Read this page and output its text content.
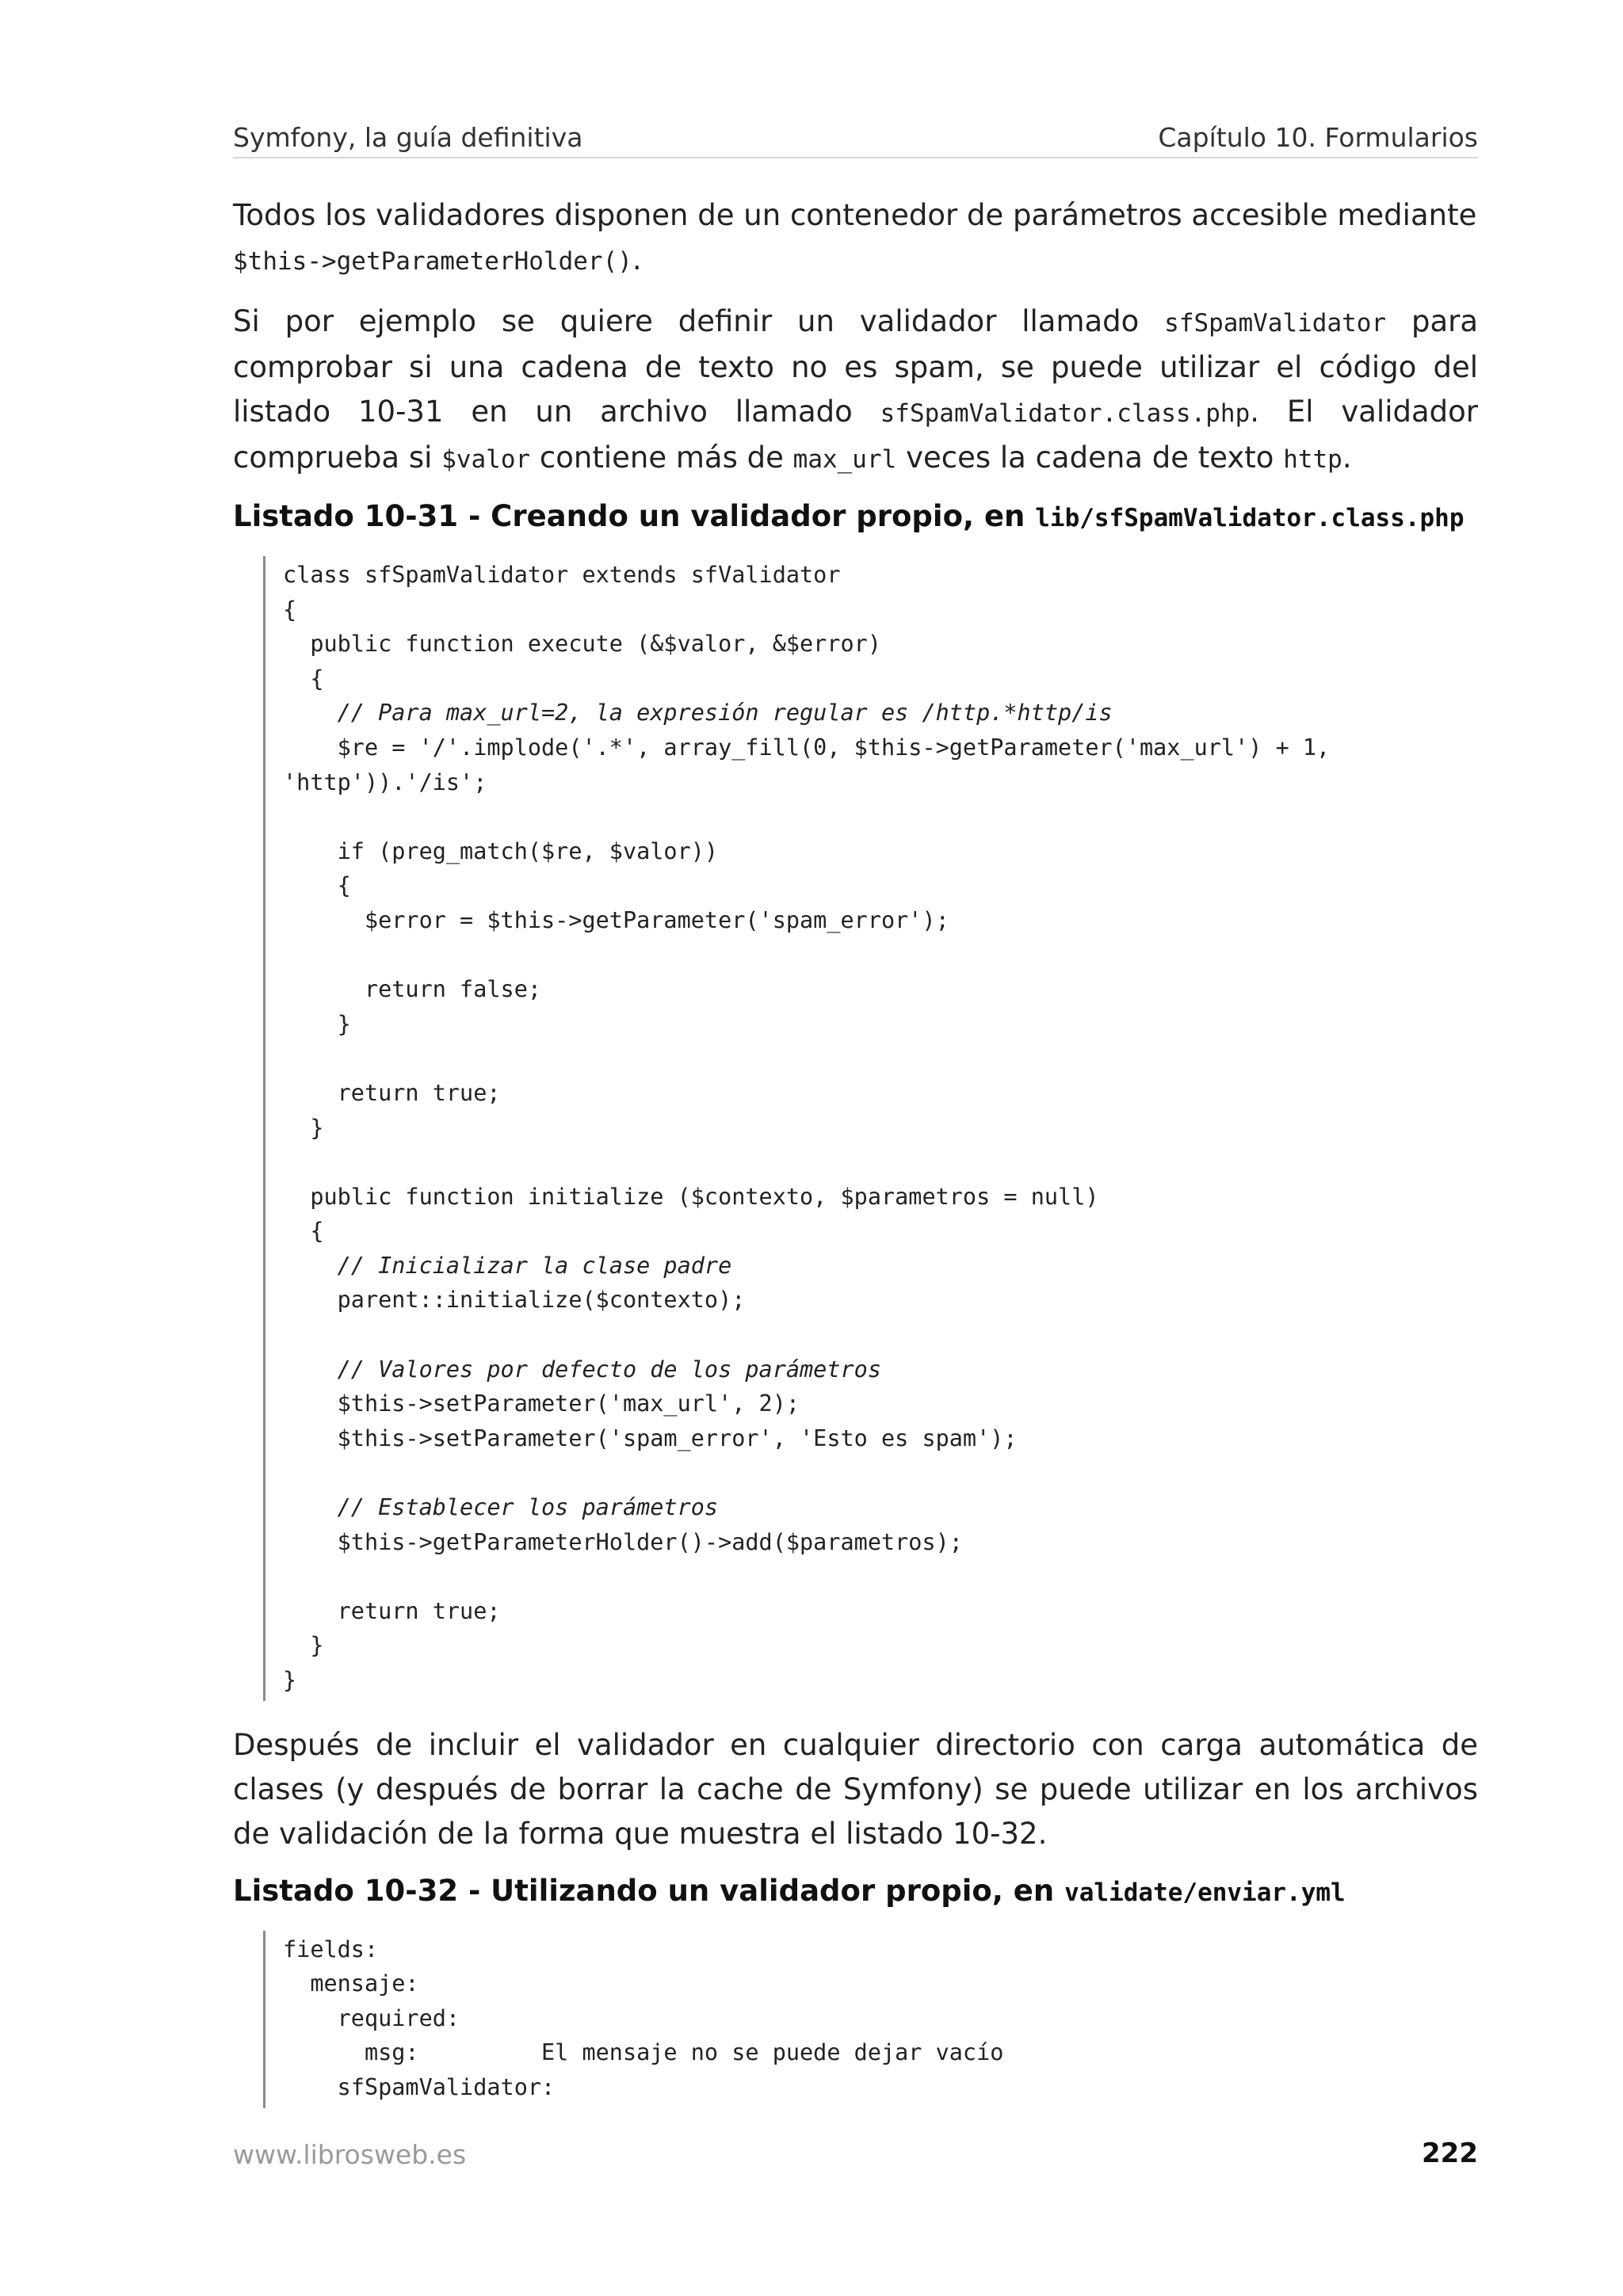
Symfony, la guía definitiva	Capítulo 10. Formularios

Todos los validadores disponen de un contenedor de parámetros accesible mediante
$this->getParameterHolder().

Si por ejemplo se quiere definir un validador llamado sfSpamValidator para comprobar si una cadena de texto no es spam, se puede utilizar el código del listado 10-31 en un archivo llamado sfSpamValidator.class.php. El validador comprueba si $valor contiene más de max_url veces la cadena de texto http.

Listado 10-31 - Creando un validador propio, en lib/sfSpamValidator.class.php
class sfSpamValidator extends sfValidator
{
public function execute (&$valor, &$error)
{
// Para max_url=2, la expresión regular es /http.*http/is
$re = '/'.implode('.*', array_fill(0, $this->getParameter('max_url') + 1,
'http')).'/is';
if (preg_match($re, $valor))
{
$error = $this->getParameter('spam_error');
return false;
}
return true;
}
public function initialize ($contexto, $parametros = null)
{
// Inicializar la clase padre
parent::initialize($contexto);
// Valores por defecto de los parámetros
$this->setParameter('max_url', 2);
$this->setParameter('spam_error', 'Esto es spam');
// Establecer los parámetros
$this->getParameterHolder()->add($parametros);
return true;
}
}

Después de incluir el validador en cualquier directorio con carga automática de clases (y después de borrar la cache de Symfony) se puede utilizar en los archivos de validación de la forma que muestra el listado 10-32.

Listado 10-32 - Utilizando un validador propio, en validate/enviar.yml
fields:
mensaje:
required:
msg:         El mensaje no se puede dejar vacío
sfSpamValidator:
www.librosweb.es	222
